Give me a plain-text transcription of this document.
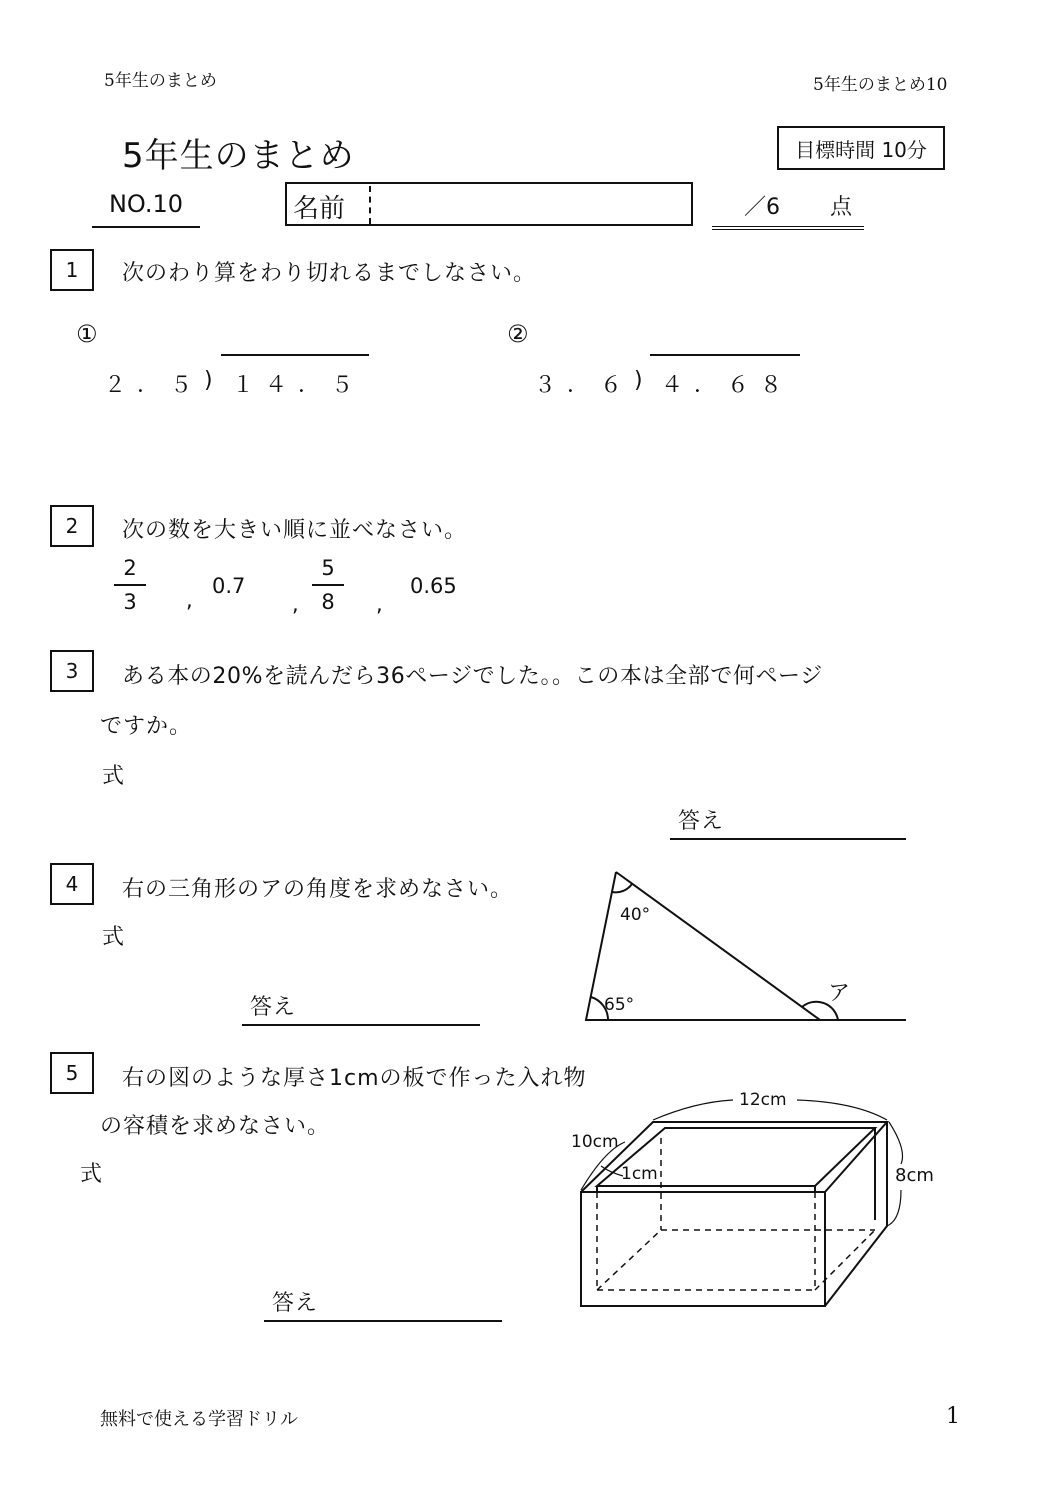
5年生のまとめ	5年生のまとめ10
5年生のまとめ	目標時間 10分
NO.10	名前	／6 点
1	次のわり算をわり切れるまでしなさい。
①
２．５ ) １４．５
②
３．６ ) ４．６８
2	次の数を大きい順に並べなさい。
2
3 ,
0.7
,
5
8 ,
0.65
3	ある本の20%を読んだら36ページでした。。この本は全部で何ページ
ですか。
式
答え
4	右の三角形のアの角度を求めなさい。
式
答え
40°
65°	ア
5	右の図のような厚さ1cmの板で作った入れ物
の容積を求めなさい。
式
答え
12cm
10cm
1cm	8cm
無料で使える学習ドリル	1
